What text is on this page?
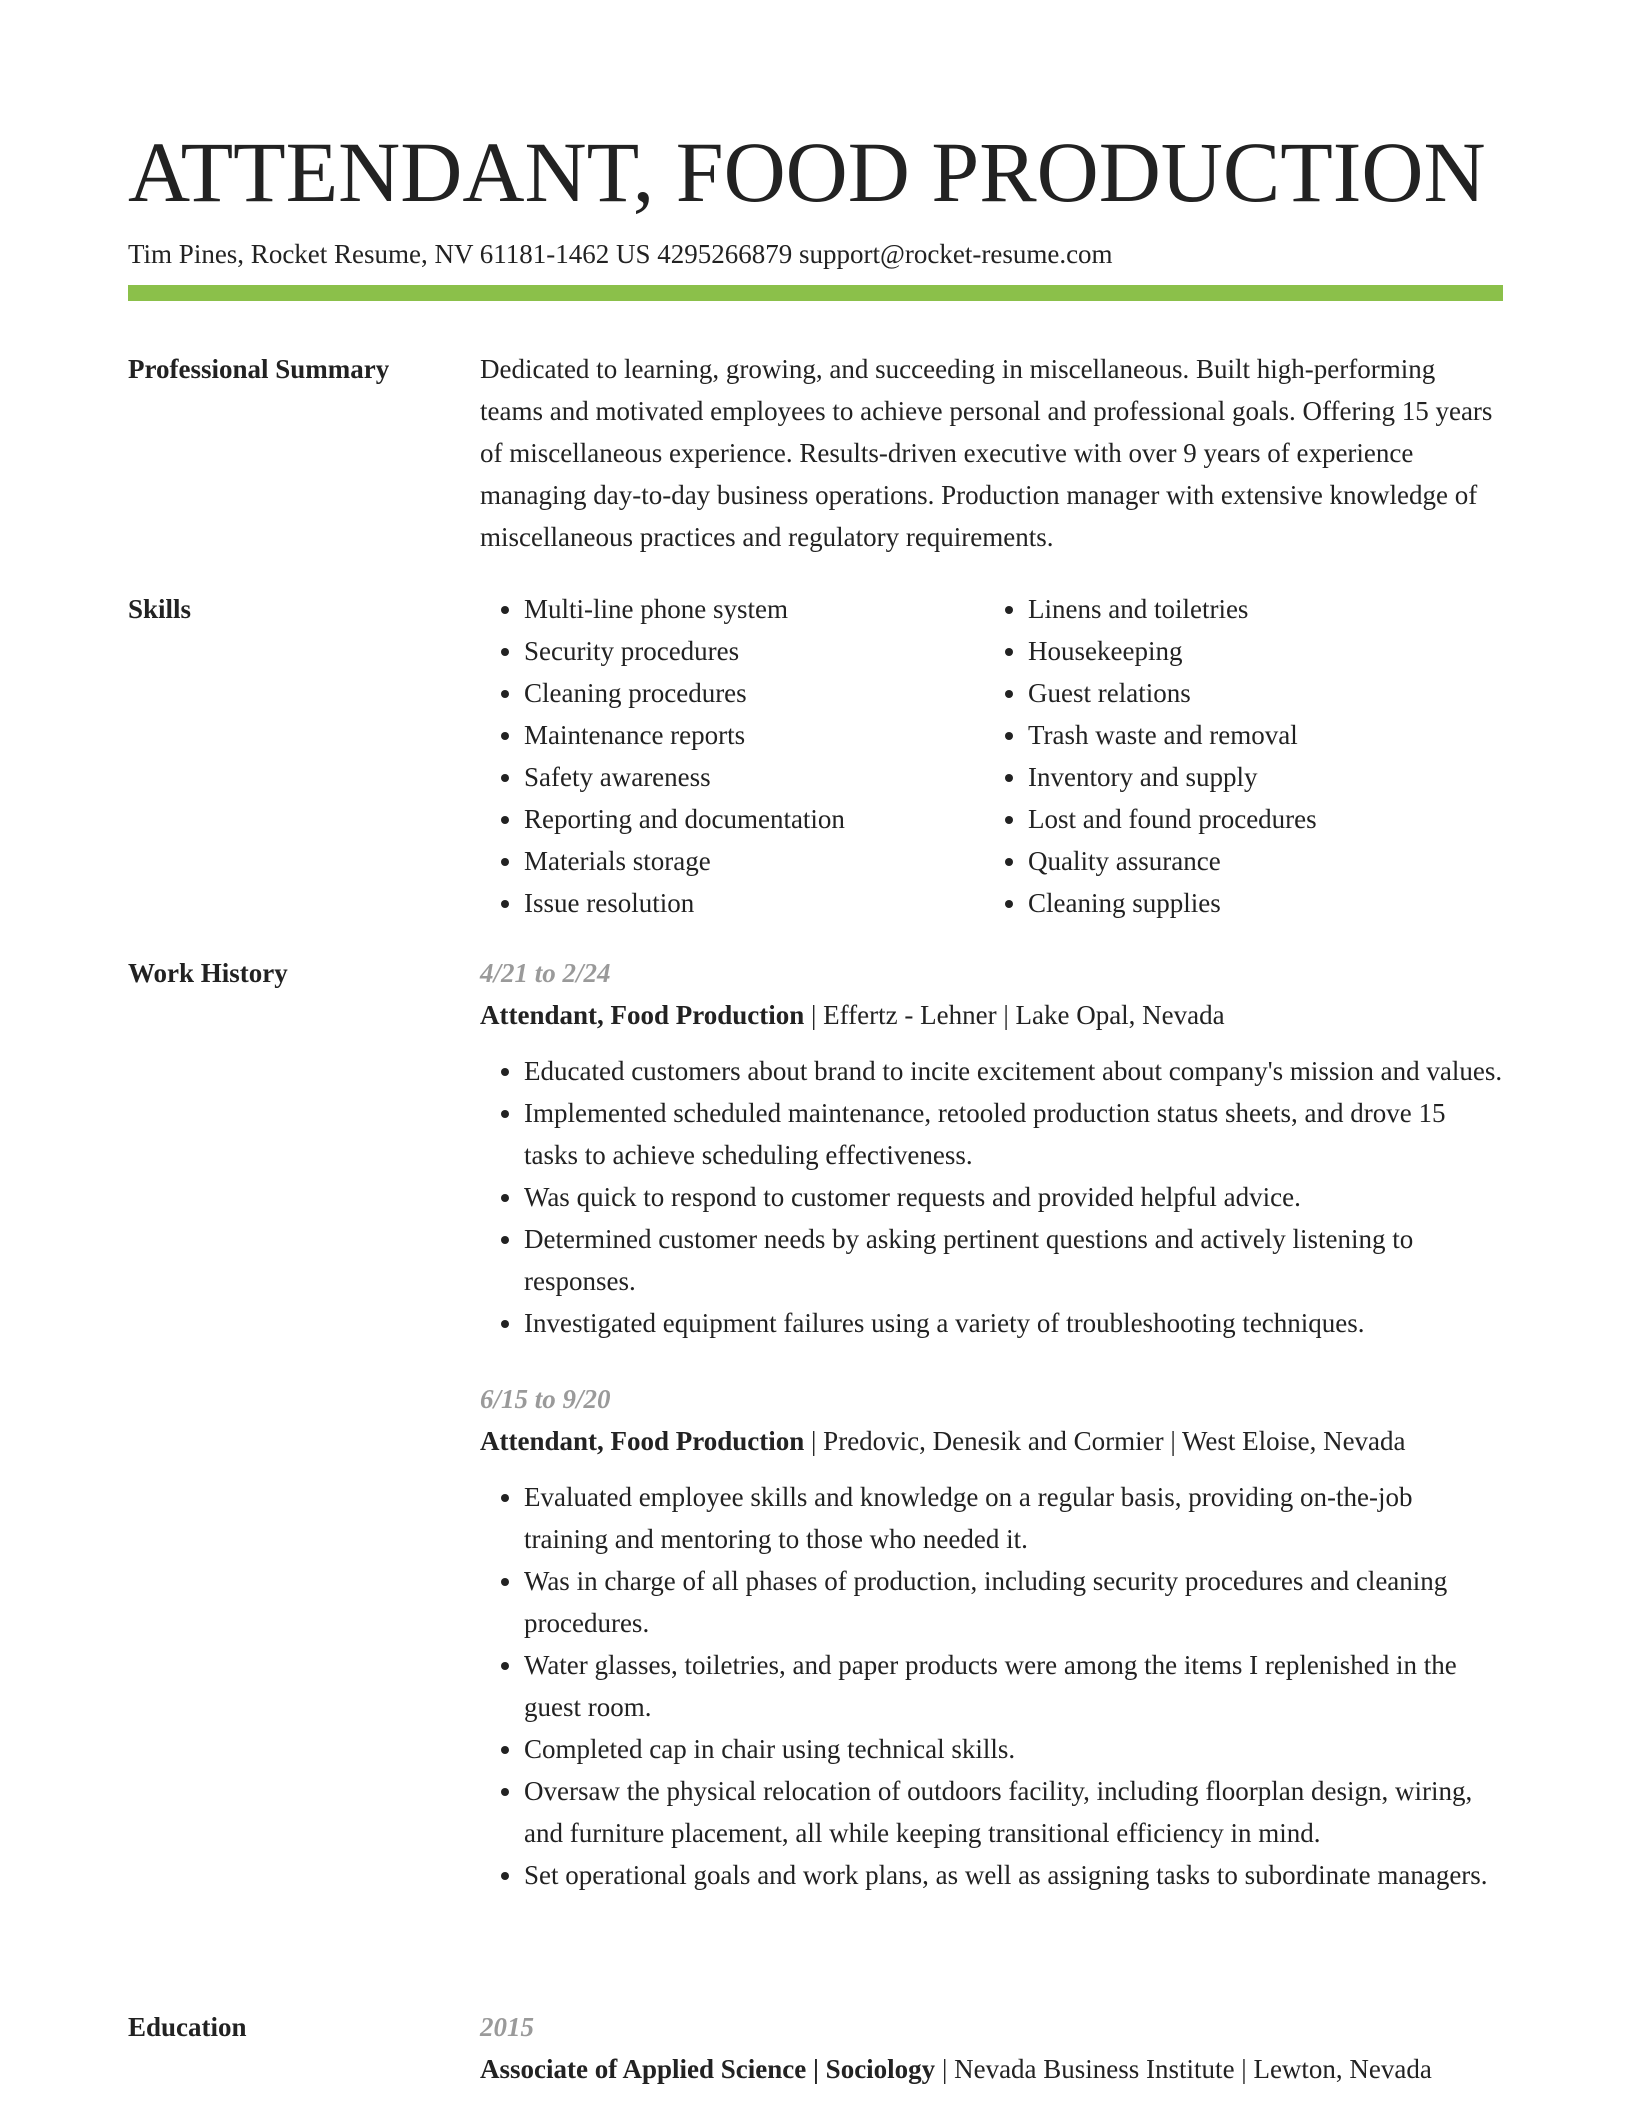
ATTENDANT, FOOD PRODUCTION
Tim Pines, Rocket Resume, NV 61181-1462 US 4295266879 support@rocket-resume.com
Professional Summary	Dedicated to learning, growing, and succeeding in miscellaneous. Built high-performing teams and motivated employees to achieve personal and professional goals. Offering 15 years of miscellaneous experience. Results-driven executive with over 9 years of experience managing day-to-day business operations. Production manager with extensive knowledge of miscellaneous practices and regulatory requirements.

Skills
•	Multi-line phone system
• Security procedures
• Cleaning procedures
• Maintenance reports
• Safety awareness
• Reporting and documentation
• Materials storage
• Issue resolution
• Linens and toiletries
• Housekeeping
• Guest relations
• Trash waste and removal
• Inventory and supply
• Lost and found procedures
• Quality assurance
• Cleaning supplies
Work History	4/21 to 2/24
Attendant, Food Production | Effertz - Lehner | Lake Opal, Nevada
• Educated customers about brand to incite excitement about company's mission and values.
• Implemented scheduled maintenance, retooled production status sheets, and drove 15 tasks to achieve scheduling effectiveness.
• Was quick to respond to customer requests and provided helpful advice.
• Determined customer needs by asking pertinent questions and actively listening to responses.
• Investigated equipment failures using a variety of troubleshooting techniques.
6/15 to 9/20
Attendant, Food Production | Predovic, Denesik and Cormier | West Eloise, Nevada
• Evaluated employee skills and knowledge on a regular basis, providing on-the-job training and mentoring to those who needed it.
• Was in charge of all phases of production, including security procedures and cleaning procedures.
• Water glasses, toiletries, and paper products were among the items I replenished in the guest room.
• Completed cap in chair using technical skills.
• Oversaw the physical relocation of outdoors facility, including floorplan design, wiring, and furniture placement, all while keeping transitional efficiency in mind.
• Set operational goals and work plans, as well as assigning tasks to subordinate managers.
Education	2015
Associate of Applied Science | Sociology | Nevada Business Institute | Lewton, Nevada
